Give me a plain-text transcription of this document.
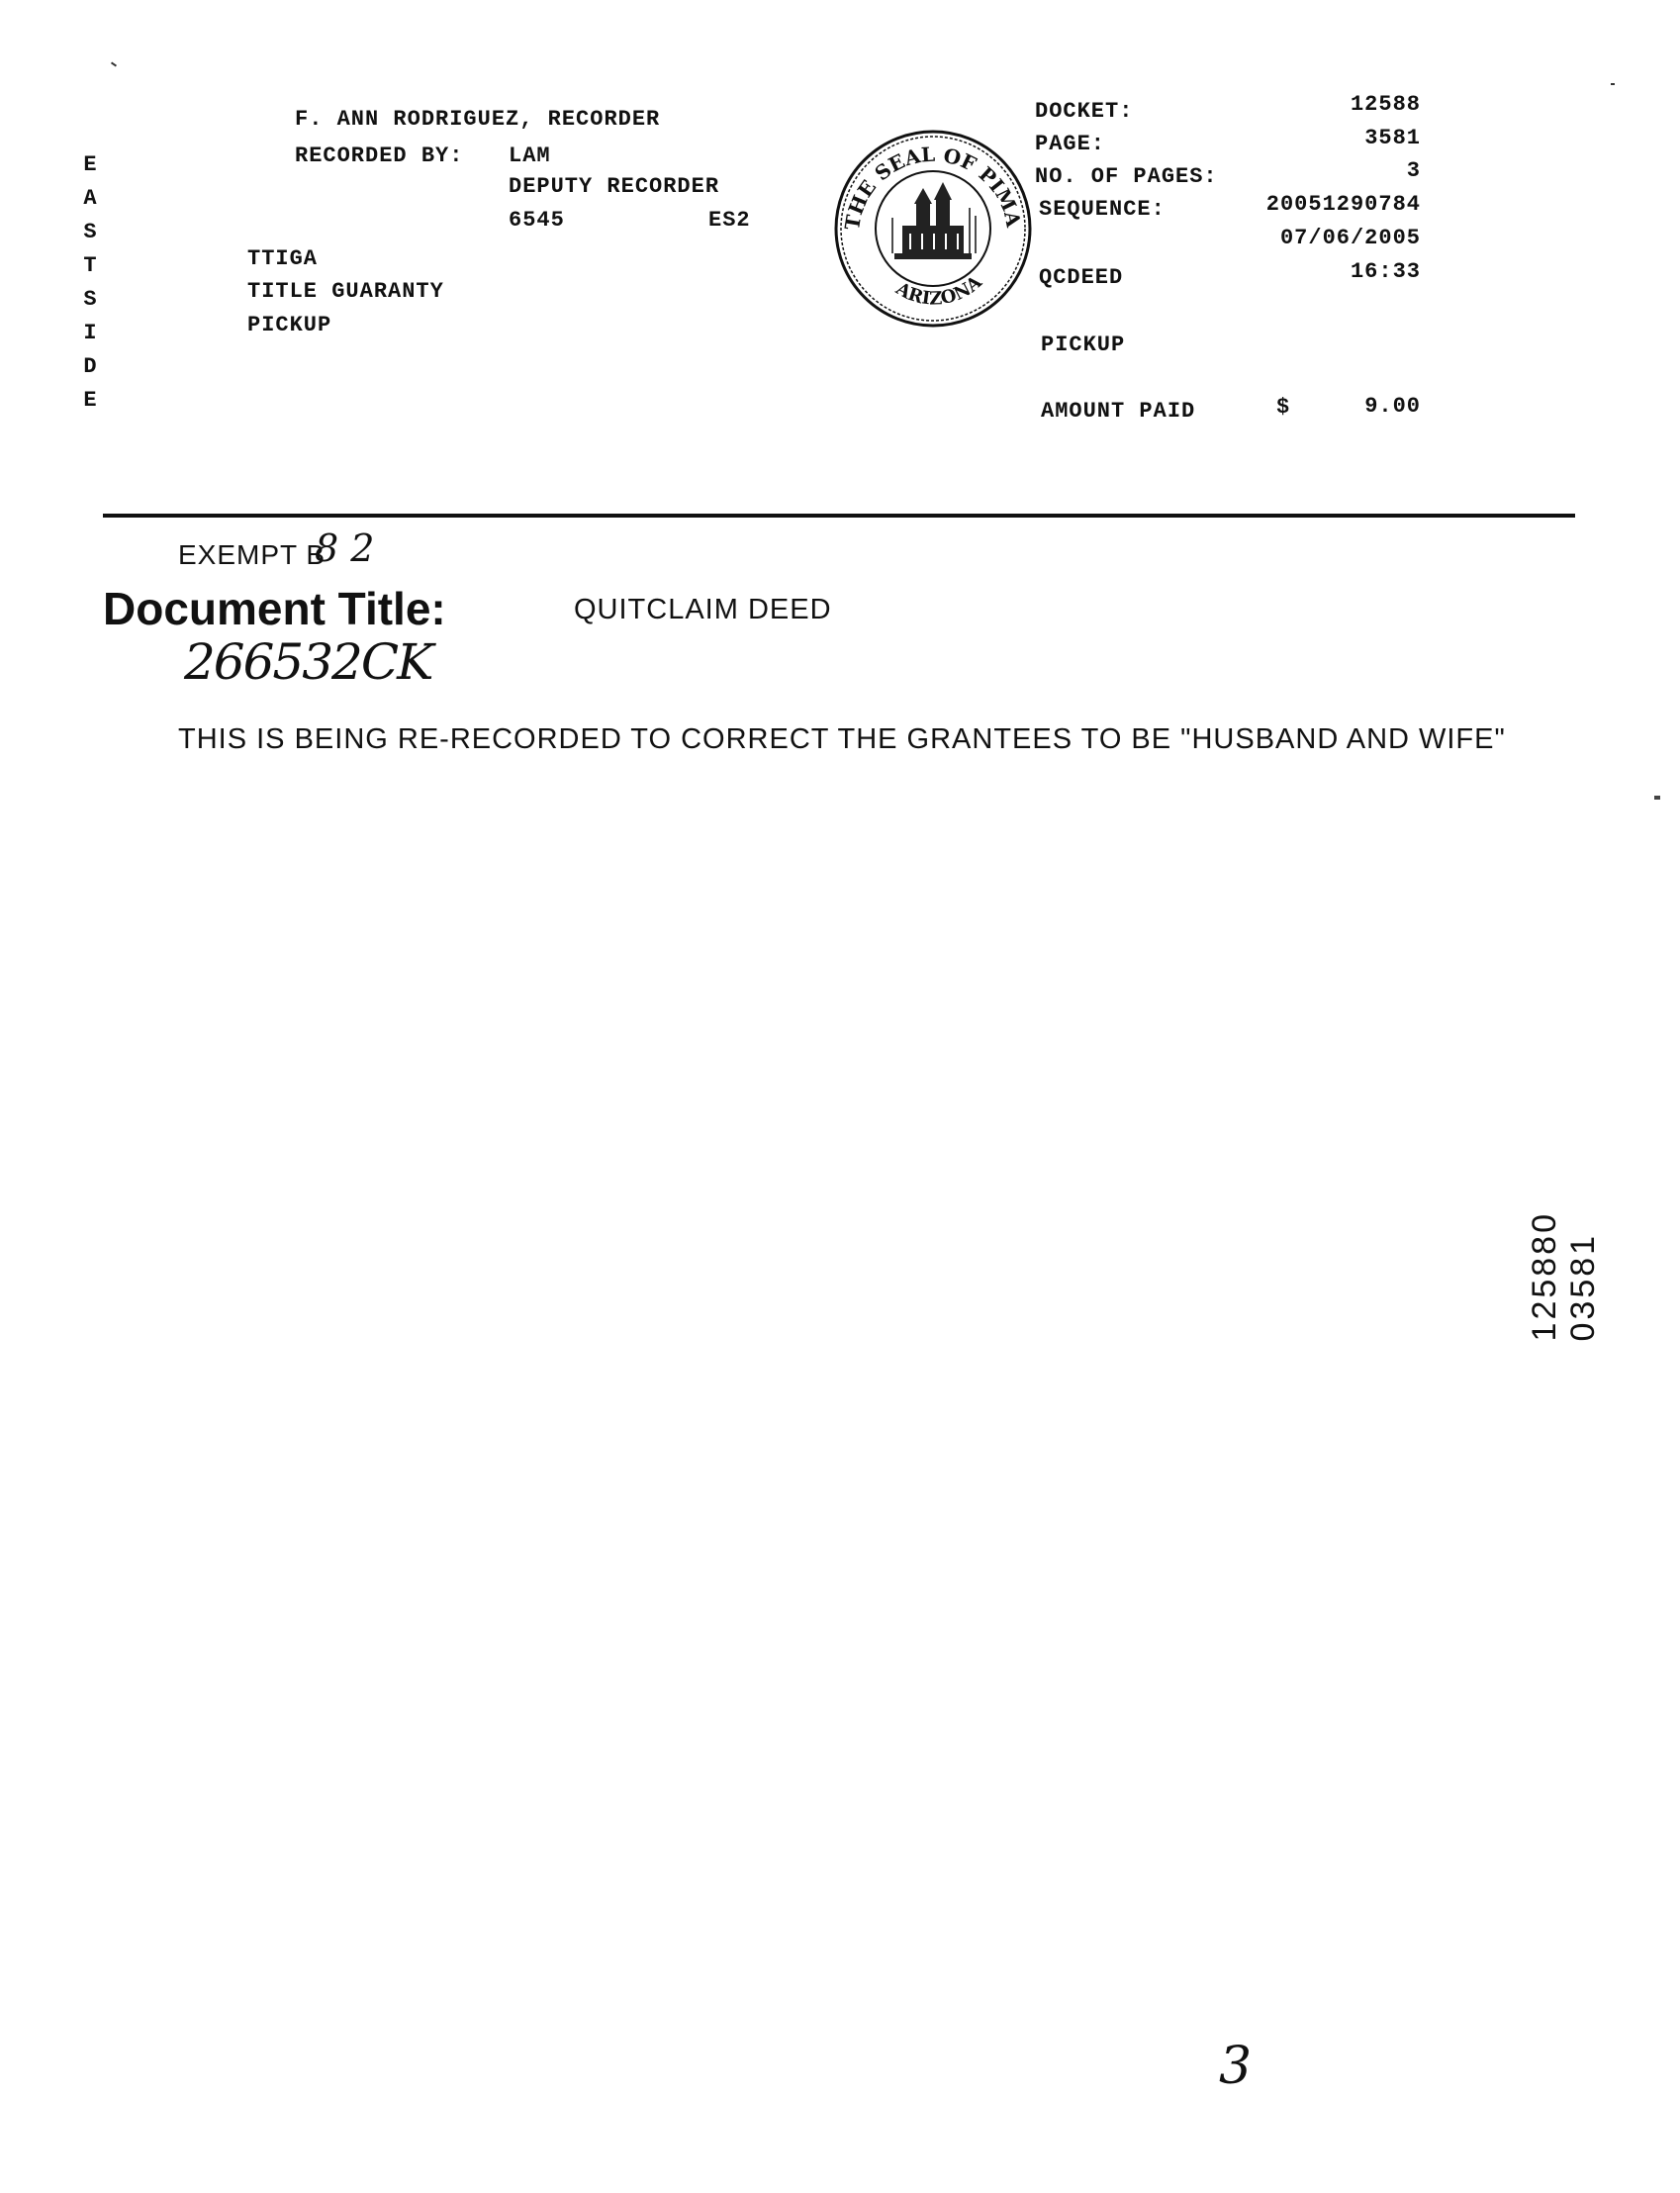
E
A
S
T
S
I
D
E
F. ANN RODRIGUEZ, RECORDER
RECORDED BY: LAM
DEPUTY RECORDER
6545	ES2
TTIGA
TITLE GUARANTY
PICKUP
THE SEAL OF PIMA
ARIZONA
DOCKET:	12588
PAGE:	3581
NO. OF PAGES:	3
SEQUENCE:	20051290784
07/06/2005
QCDEED	16:33
PICKUP
AMOUNT PAID	$	9.00
EXEMPT B
8 2
Document Title:	QUITCLAIM DEED
266532CK
THIS IS BEING RE-RECORDED TO CORRECT THE GRANTEES TO BE "HUSBAND AND WIFE"
3
125880 03581
